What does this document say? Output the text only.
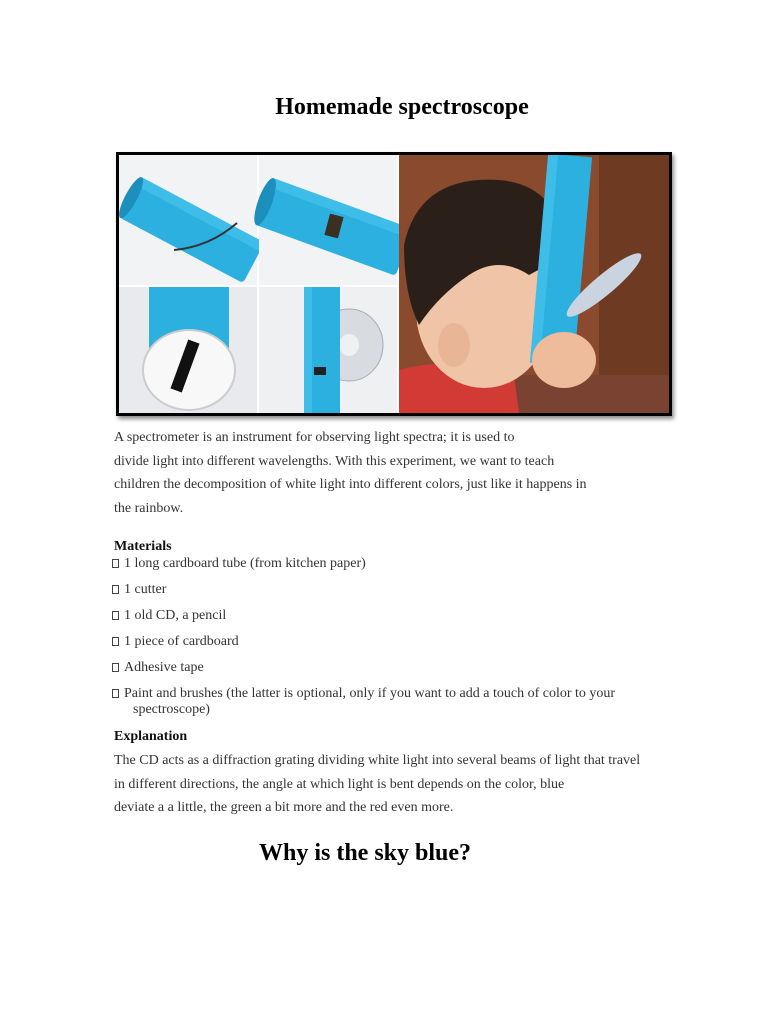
Homemade spectroscope
A spectrometer is an instrument for observing light spectra; it is used to
divide light into different wavelengths. With this experiment, we want to teach
children the decomposition of white light into different colors, just like it happens in
the rainbow.
Materials
1 long cardboard tube (from kitchen paper)
1 cutter
1 old CD, a pencil
1 piece of cardboard
Adhesive tape
Paint and brushes (the latter is optional, only if you want to add a touch of color to your
spectroscope)
Explanation
The CD acts as a diffraction grating dividing white light into several beams of light that travel
in different directions, the angle at which light is bent depends on the color, blue
deviate a a little, the green a bit more and the red even more.
Why is the sky blue?
